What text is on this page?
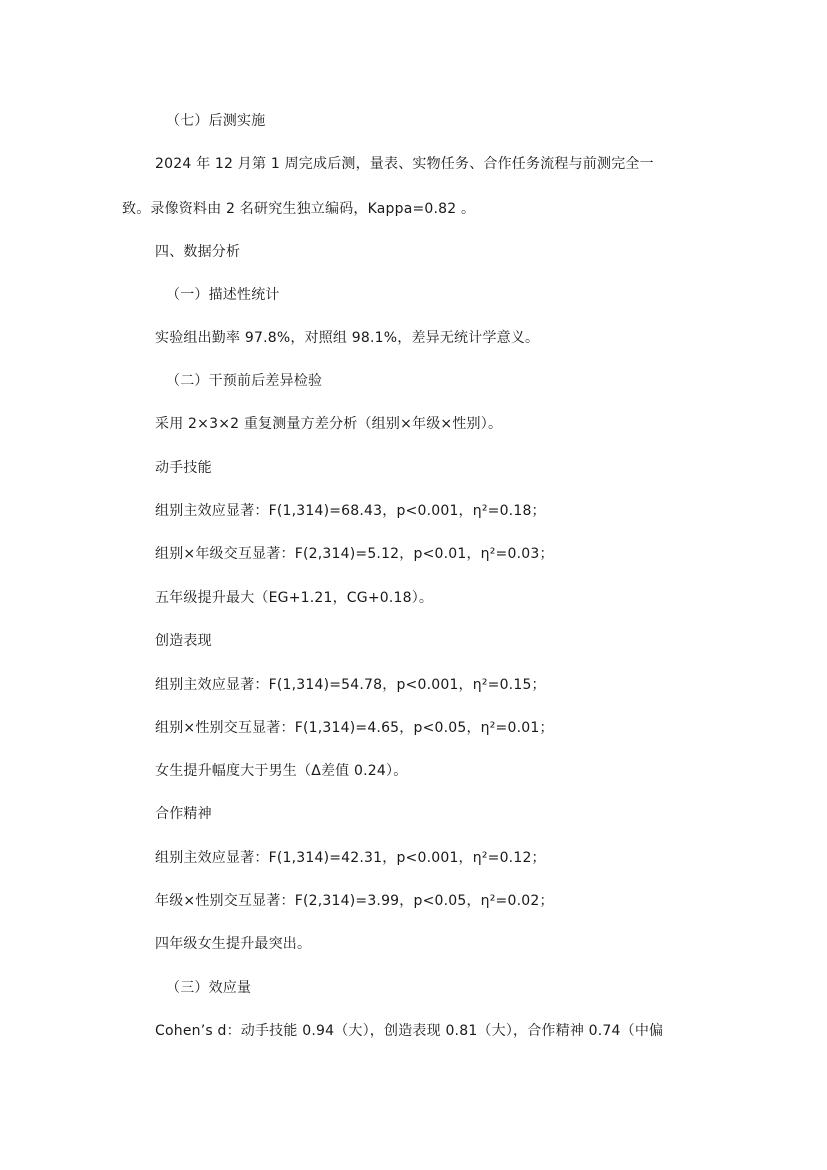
（七）后测实施
2024 年 12 月第 1 周完成后测，量表、实物任务、合作任务流程与前测完全一
致。录像资料由 2 名研究生独立编码，Kappa=0.82 。
四、数据分析
（一）描述性统计
实验组出勤率 97.8%，对照组 98.1%，差异无统计学意义。
（二）干预前后差异检验
采用 2×3×2 重复测量方差分析（组别×年级×性别）。
动手技能
组别主效应显著：F(1,314)=68.43，p<0.001，η²=0.18；
组别×年级交互显著：F(2,314)=5.12，p<0.01，η²=0.03；
五年级提升最大（EG+1.21，CG+0.18）。
创造表现
组别主效应显著：F(1,314)=54.78，p<0.001，η²=0.15；
组别×性别交互显著：F(1,314)=4.65，p<0.05，η²=0.01；
女生提升幅度大于男生（Δ差值 0.24）。
合作精神
组别主效应显著：F(1,314)=42.31，p<0.001，η²=0.12；
年级×性别交互显著：F(2,314)=3.99，p<0.05，η²=0.02；
四年级女生提升最突出。
（三）效应量
Cohen’s d：动手技能 0.94（大），创造表现 0.81（大），合作精神 0.74（中偏
